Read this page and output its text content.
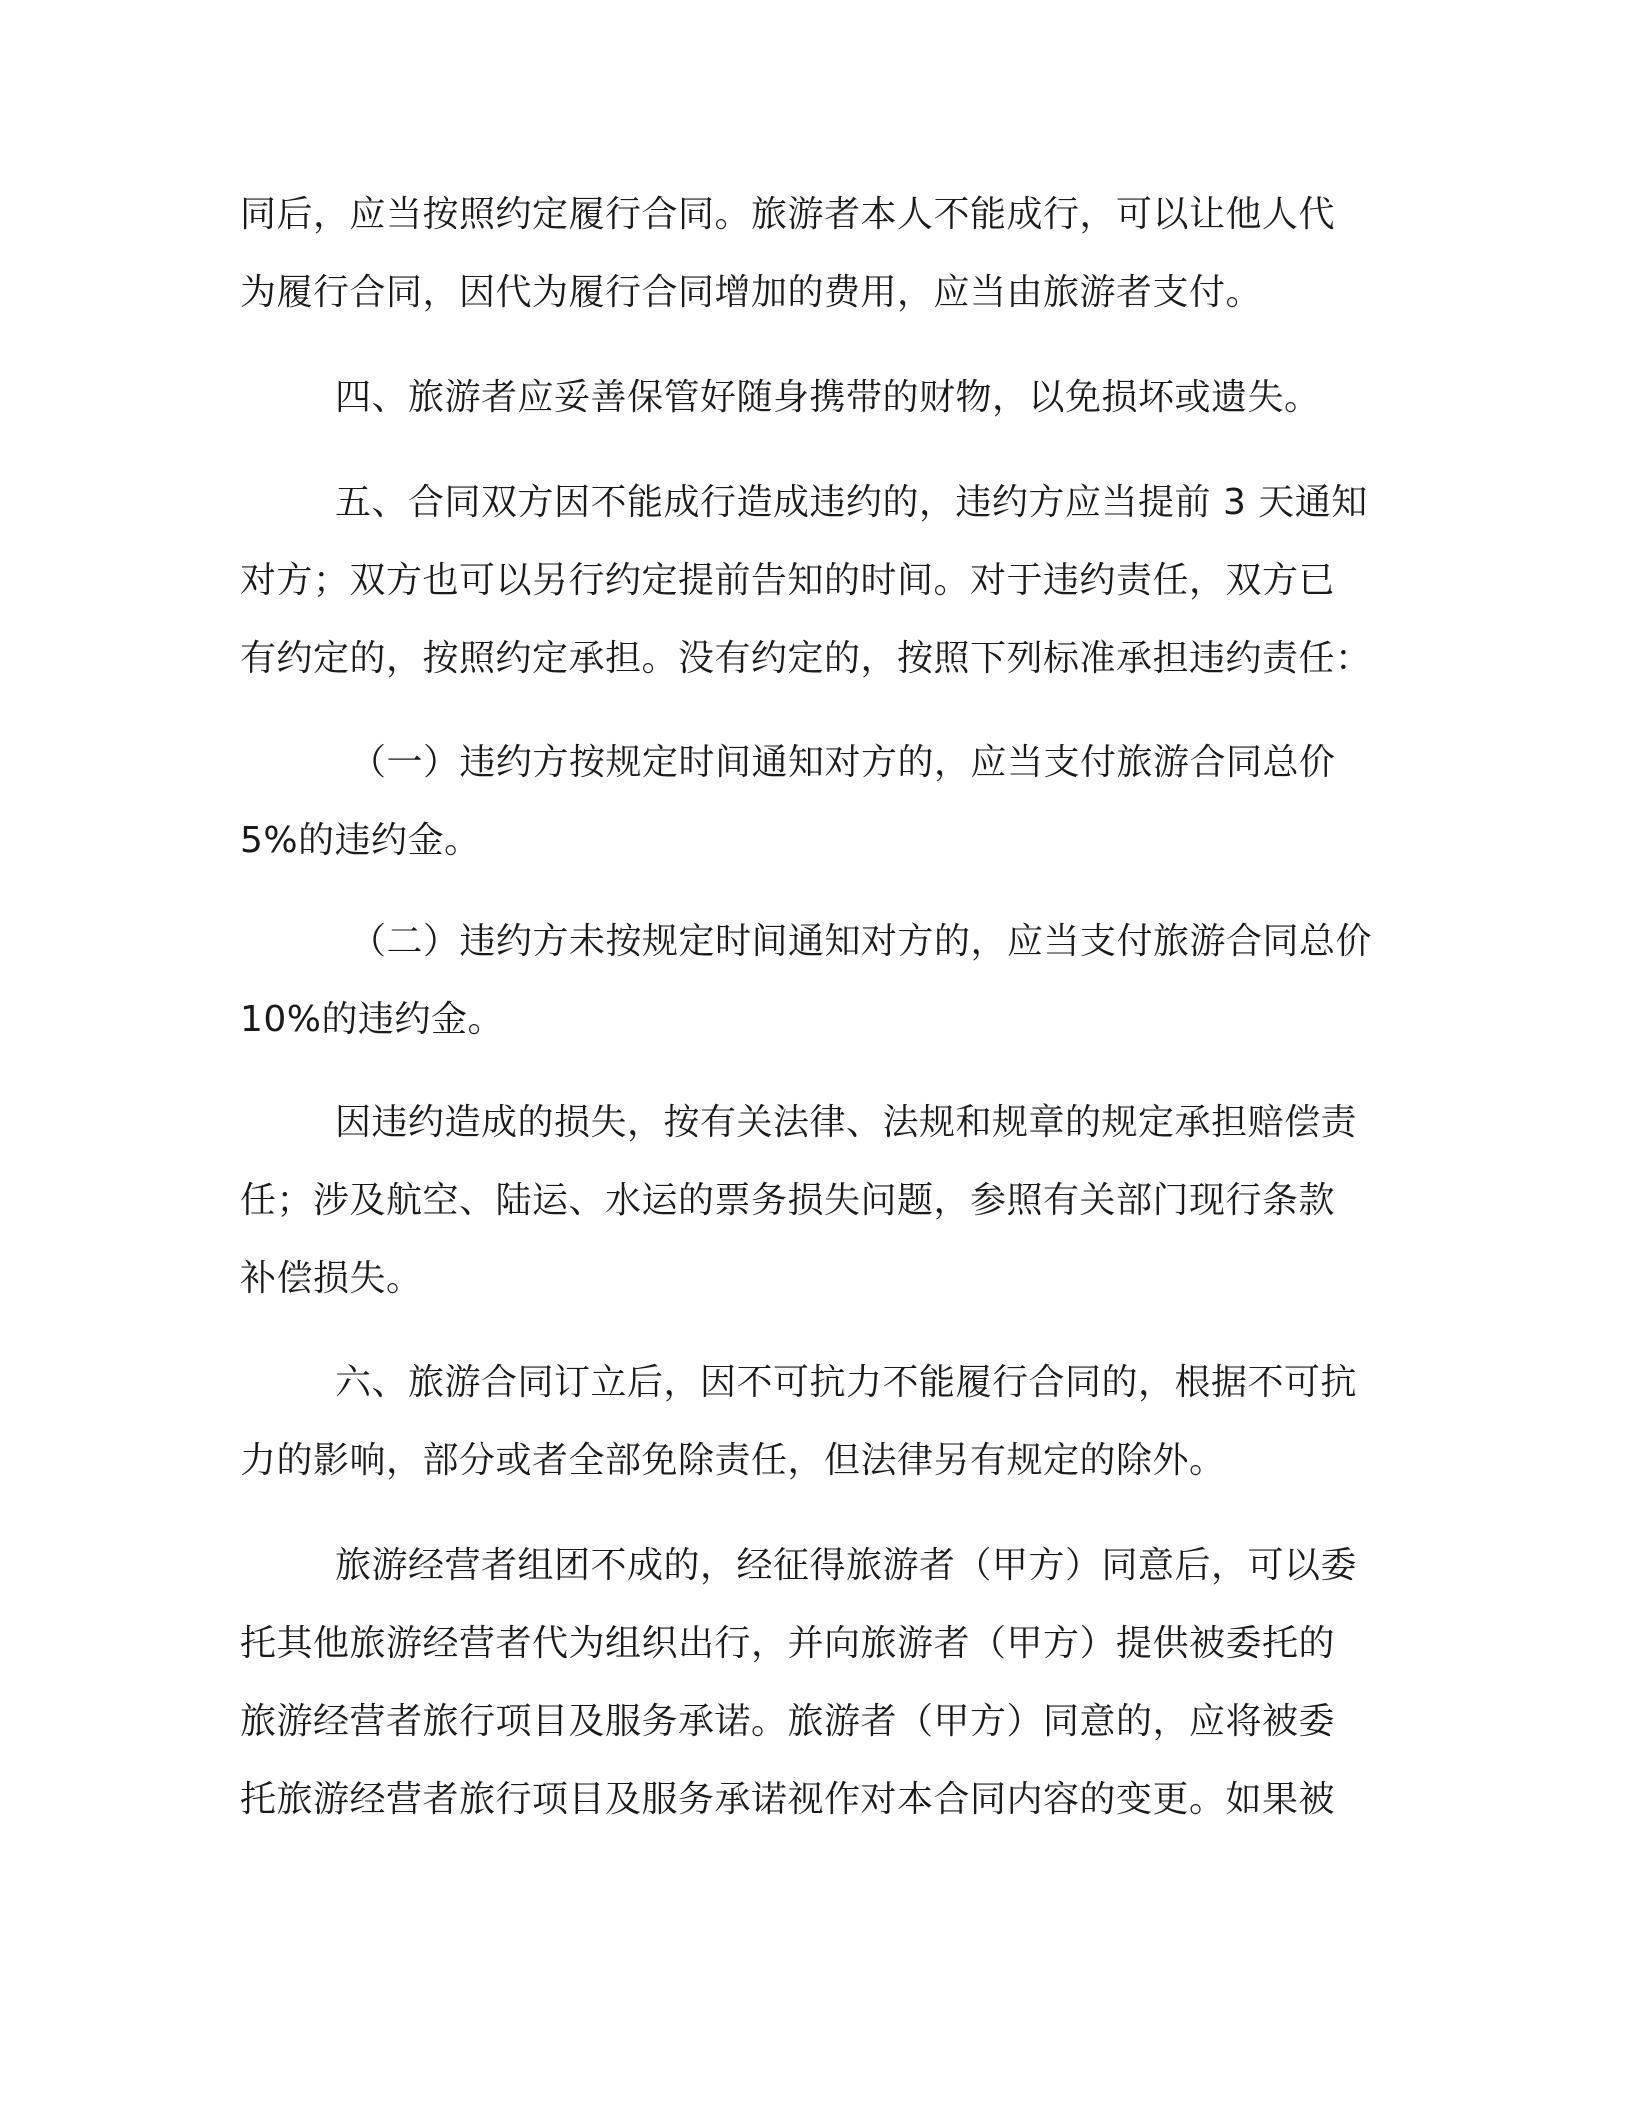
同后，应当按照约定履行合同。旅游者本人不能成行，可以让他人代
为履行合同，因代为履行合同增加的费用，应当由旅游者支付。
四、旅游者应妥善保管好随身携带的财物，以免损坏或遗失。
五、合同双方因不能成行造成违约的，违约方应当提前 3 天通知
对方；双方也可以另行约定提前告知的时间。对于违约责任，双方已
有约定的，按照约定承担。没有约定的，按照下列标准承担违约责任：
（一）违约方按规定时间通知对方的，应当支付旅游合同总价
5%的违约金。
（二）违约方未按规定时间通知对方的，应当支付旅游合同总价
10%的违约金。
因违约造成的损失，按有关法律、法规和规章的规定承担赔偿责
任；涉及航空、陆运、水运的票务损失问题，参照有关部门现行条款
补偿损失。
六、旅游合同订立后，因不可抗力不能履行合同的，根据不可抗
力的影响，部分或者全部免除责任，但法律另有规定的除外。
旅游经营者组团不成的，经征得旅游者（甲方）同意后，可以委
托其他旅游经营者代为组织出行，并向旅游者（甲方）提供被委托的
旅游经营者旅行项目及服务承诺。旅游者（甲方）同意的，应将被委
托旅游经营者旅行项目及服务承诺视作对本合同内容的变更。如果被
